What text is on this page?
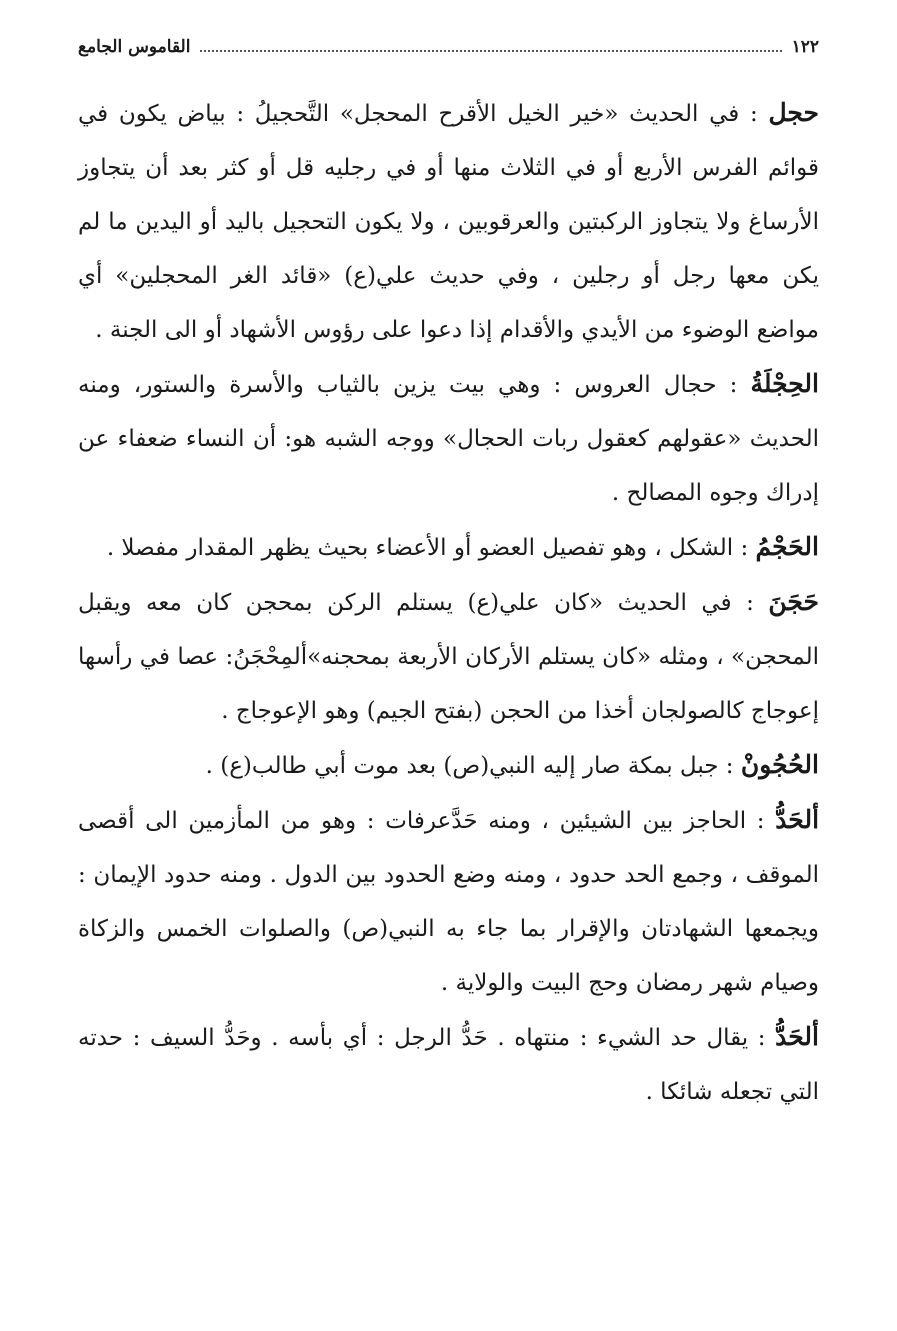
١٢٢
القاموس الجامع

حجل : في الحديث «خير الخيل الأقرح المحجل» التَّحجيلُ : بياض يكون في قوائم الفرس الأربع أو في الثلاث منها أو في رجليه قل أو كثر بعد أن يتجاوز الأرساغ ولا يتجاوز الركبتين والعرقوبين ، ولا يكون التحجيل باليد أو اليدين ما لم يكن معها رجل أو رجلين ، وفي حديث علي(ع) «قائد الغر المحجلين» أي مواضع الوضوء من الأيدي والأقدام إذا دعوا على رؤوس الأشهاد أو الى الجنة .

الحِجْلَةُ : حجال العروس : وهي بيت يزين بالثياب والأسرة والستور، ومنه الحديث «عقولهم كعقول ربات الحجال» ووجه الشبه هو: أن النساء ضعفاء عن إدراك وجوه المصالح .

الحَجْمُ : الشكل ، وهو تفصيل العضو أو الأعضاء بحيث يظهر المقدار مفصلا .

حَجَنَ : في الحديث «كان علي(ع) يستلم الركن بمحجن كان معه ويقبل المحجن» ، ومثله «كان يستلم الأركان الأربعة بمحجنه»ألمِحْجَنُ: عصا في رأسها إعوجاج كالصولجان أخذا من الحجن (بفتح الجيم) وهو الإعوجاج .

الحُجُونْ : جبل بمكة صار إليه النبي(ص) بعد موت أبي طالب(ع) .

ألحَدُّ : الحاجز بين الشيئين ، ومنه حَدَّعرفات : وهو من المأزمين الى أقصى الموقف ، وجمع الحد حدود ، ومنه وضع الحدود بين الدول . ومنه حدود الإيمان : ويجمعها الشهادتان والإقرار بما جاء به النبي(ص) والصلوات الخمس والزكاة وصيام شهر رمضان وحج البيت والولاية .

ألحَدُّ : يقال حد الشيء : منتهاه . حَدُّ الرجل : أي بأسه . وحَدُّ السيف : حدته التي تجعله شائكا .
